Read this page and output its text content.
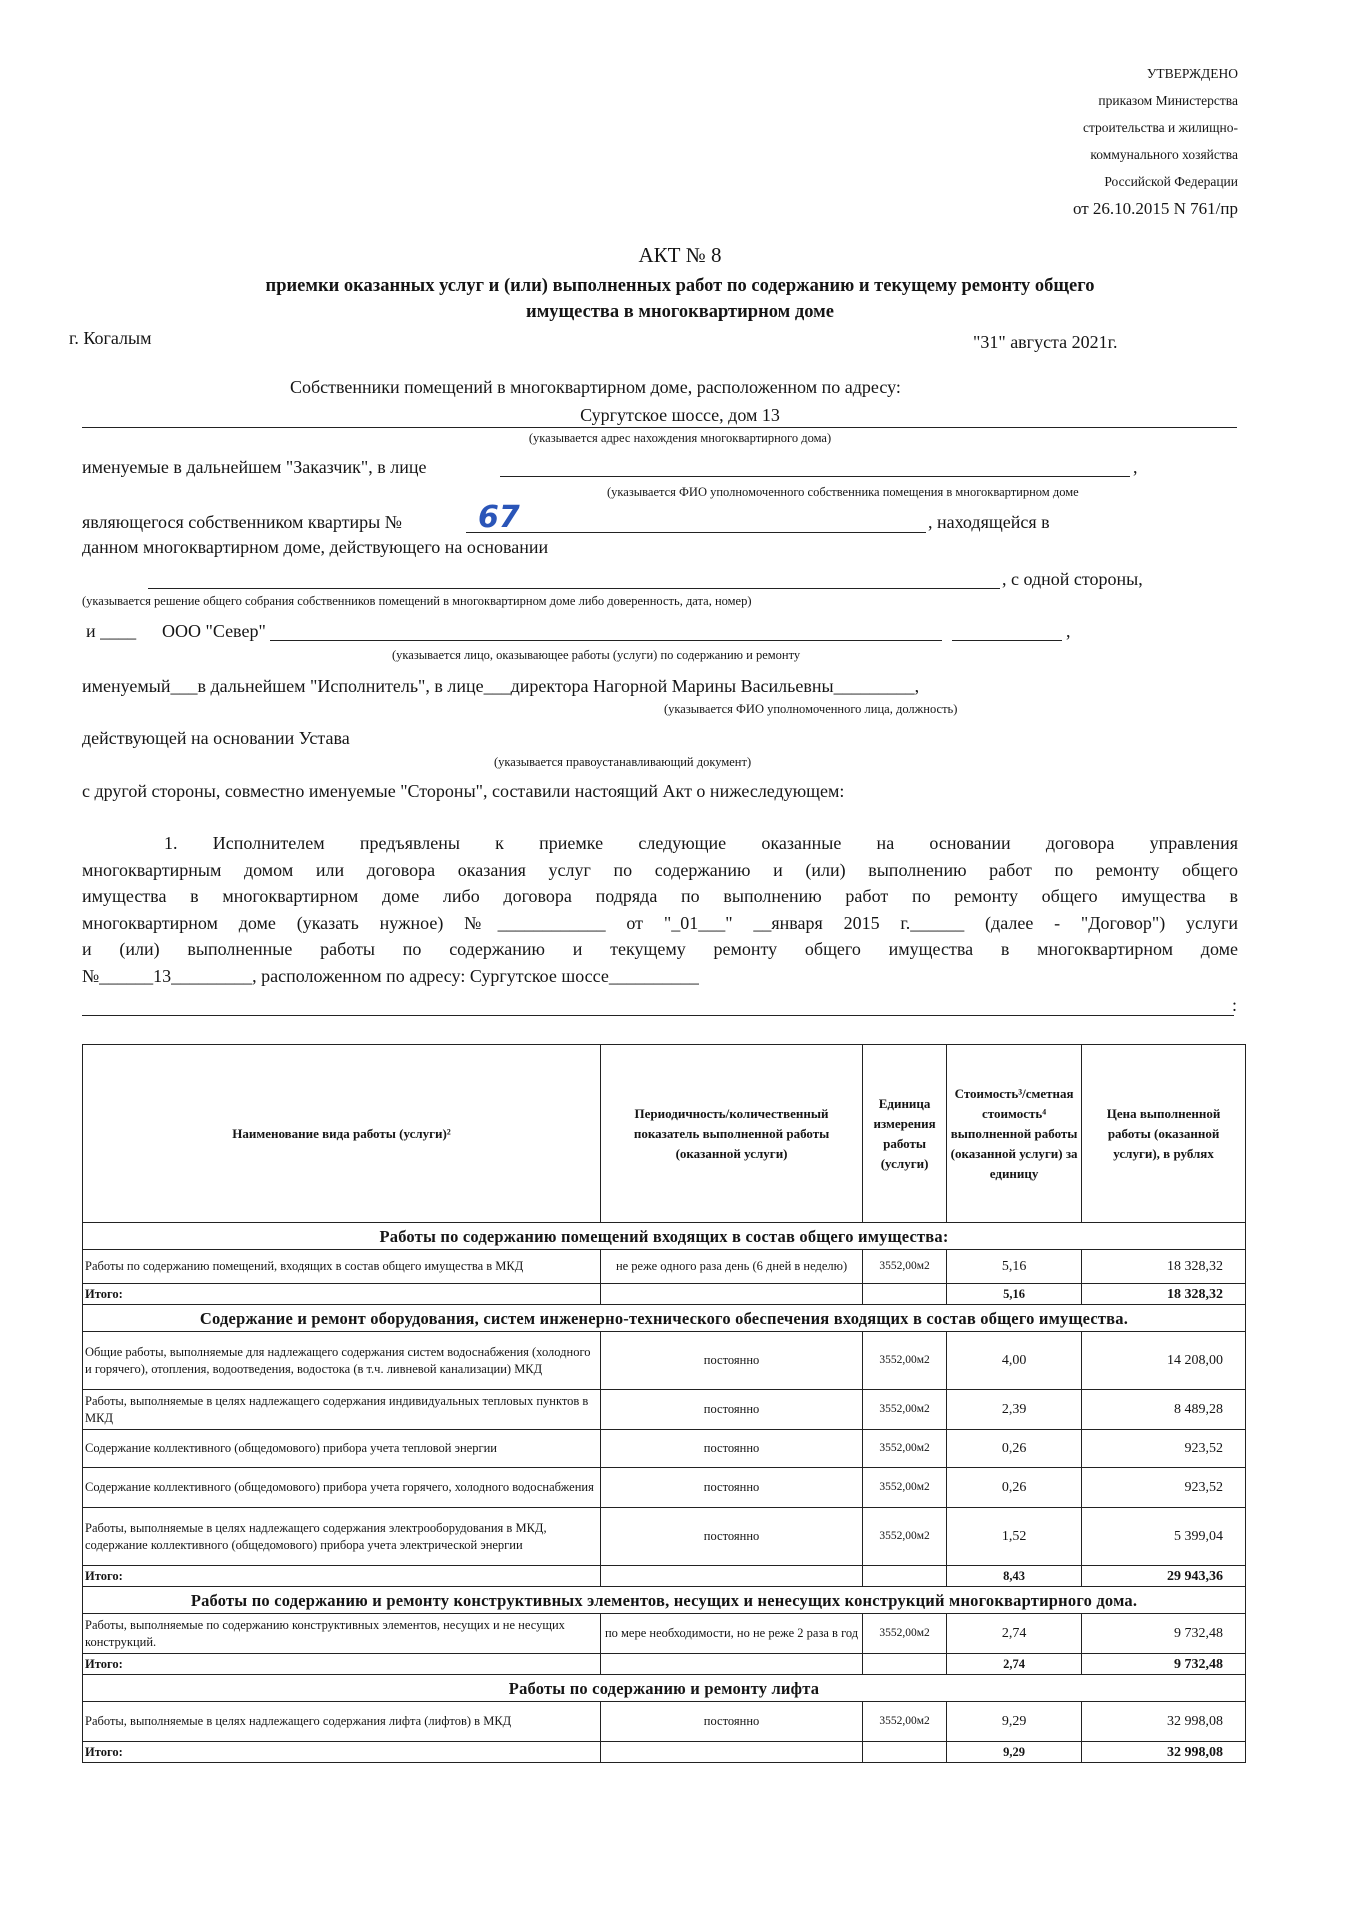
УТВЕРЖДЕНО
приказом Министерства
строительства и жилищно-
коммунального хозяйства
Российской Федерации
от 26.10.2015 N 761/пр
АКТ № 8
приемки оказанных услуг и (или) выполненных работ по содержанию и текущему ремонту общего
имущества в многоквартирном доме
г. Когалым	"31" августа 2021г.
Собственники помещений в многоквартирном доме, расположенном по адресу:
Сургутское шоссе, дом 13
(указывается адрес нахождения многоквартирного дома)
именуемые в дальнейшем "Заказчик", в лице	,
(указывается ФИО уполномоченного собственника помещения в многоквартирном доме
являющегося собственником квартиры №	67	, находящейся в
данном многоквартирном доме, действующего на основании
, с одной стороны,
(указывается решение общего собрания собственников помещений в многоквартирном доме либо доверенность, дата, номер)
и ____ ООО "Север"	,
(указывается лицо, оказывающее работы (услуги) по содержанию и ремонту
именуемый___в дальнейшем "Исполнитель", в лице___директора Нагорной Марины Васильевны_________,
(указывается ФИО уполномоченного лица, должность)
действующей на основании Устава
(указывается правоустанавливающий документ)
с другой стороны, совместно именуемые "Стороны", составили настоящий Акт о нижеследующем:
1. Исполнителем предъявлены к приемке следующие оказанные на основании договора управления
многоквартирным домом или договора оказания услуг по содержанию и (или) выполнению работ по ремонту общего
имущества в многоквартирном доме либо договора подряда по выполнению работ по ремонту общего имущества в
многоквартирном доме (указать нужное) №____________ от "_01___" __января 2015 г.______ (далее - "Договор") услуги
и (или) выполненные работы по содержанию и текущему ремонту общего имущества в многоквартирном доме
№______13_________, расположенном по адресу: Сургутское шоссе__________
:
Наименование вида работы (услуги)²	Периодичность/количественный показатель выполненной работы (оказанной услуги)	Единица измерения работы (услуги)	Стоимость³/сметная стоимость⁴ выполненной работы (оказанной услуги) за единицу	Цена выполненной работы (оказанной услуги), в рублях
Работы по содержанию помещений входящих в состав общего имущества:				
Работы по содержанию помещений, входящих в состав общего имущества в МКД	не реже одного раза день (6 дней в неделю)	3552,00м2	5,16	18 328,32
Итого:			5,16	18 328,32
Содержание и ремонт оборудования, систем инженерно-технического обеспечения входящих в состав общего имущества.				
Общие работы, выполняемые для надлежащего содержания систем водоснабжения (холодного и горячего), отопления, водоотведения, водостока (в т.ч. ливневой канализации) МКД	постоянно	3552,00м2	4,00	14 208,00
Работы, выполняемые в целях надлежащего содержания индивидуальных тепловых пунктов в МКД	постоянно	3552,00м2	2,39	8 489,28
Содержание коллективного (общедомового) прибора учета тепловой энергии	постоянно	3552,00м2	0,26	923,52
Содержание коллективного (общедомового) прибора учета горячего, холодного водоснабжения	постоянно	3552,00м2	0,26	923,52
Работы, выполняемые в целях надлежащего содержания электрооборудования в МКД, содержание коллективного (общедомового) прибора учета электрической энергии	постоянно	3552,00м2	1,52	5 399,04
Итого:			8,43	29 943,36
Работы по содержанию и ремонту конструктивных элементов, несущих и ненесущих конструкций многоквартирного дома.				
Работы, выполняемые по содержанию конструктивных элементов, несущих и не несущих конструкций.	по мере необходимости, но не реже 2 раза в год	3552,00м2	2,74	9 732,48
Итого:			2,74	9 732,48
Работы по содержанию и ремонту лифта				
Работы, выполняемые в целях надлежащего содержания лифта (лифтов) в МКД	постоянно	3552,00м2	9,29	32 998,08
Итого:			9,29	32 998,08
